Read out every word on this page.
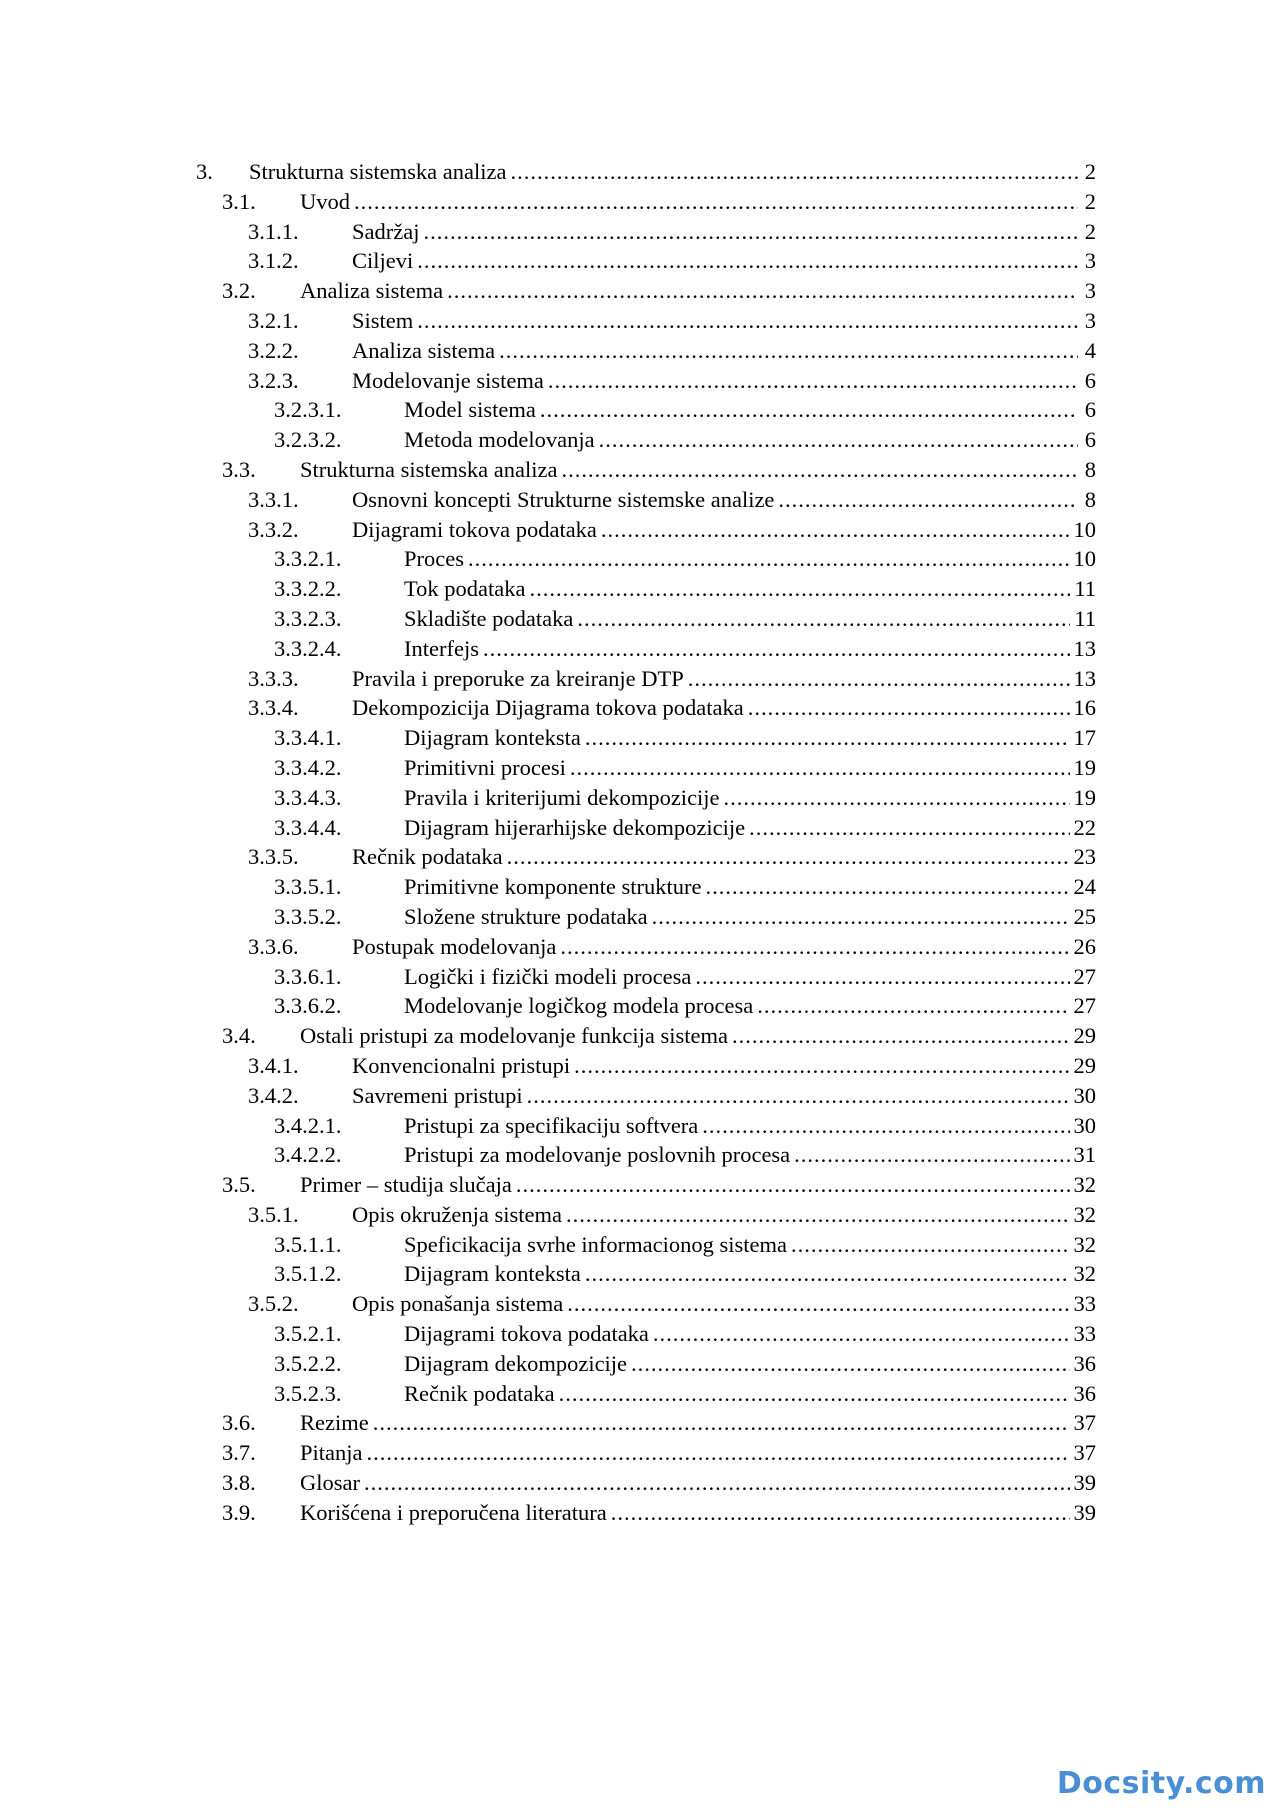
3.	Strukturna sistemska analiza .....	2
3.1.	Uvod .....	2
3.1.1.	Sadržaj .....	2
3.1.2.	Ciljevi .....	3
3.2.	Analiza sistema .....	3
3.2.1.	Sistem .....	3
3.2.2.	Analiza sistema .....	4
3.2.3.	Modelovanje sistema .....	6
3.2.3.1.	Model sistema .....	6
3.2.3.2.	Metoda modelovanja .....	6
3.3.	Strukturna sistemska analiza .....	8
3.3.1.	Osnovni koncepti Strukturne sistemske analize .....	8
3.3.2.	Dijagrami tokova podataka .....	10
3.3.2.1.	Proces .....	10
3.3.2.2.	Tok podataka .....	11
3.3.2.3.	Skladište podataka .....	11
3.3.2.4.	Interfejs .....	13
3.3.3.	Pravila i preporuke za kreiranje DTP .....	13
3.3.4.	Dekompozicija Dijagrama tokova podataka .....	16
3.3.4.1.	Dijagram konteksta .....	17
3.3.4.2.	Primitivni procesi .....	19
3.3.4.3.	Pravila i kriterijumi dekompozicije .....	19
3.3.4.4.	Dijagram hijerarhijske dekompozicije .....	22
3.3.5.	Rečnik podataka .....	23
3.3.5.1.	Primitivne komponente strukture .....	24
3.3.5.2.	Složene strukture podataka .....	25
3.3.6.	Postupak modelovanja .....	26
3.3.6.1.	Logički i fizički modeli procesa .....	27
3.3.6.2.	Modelovanje logičkog modela procesa .....	27
3.4.	Ostali pristupi za modelovanje funkcija sistema .....	29
3.4.1.	Konvencionalni pristupi .....	29
3.4.2.	Savremeni pristupi .....	30
3.4.2.1.	Pristupi za specifikaciju softvera .....	30
3.4.2.2.	Pristupi za modelovanje poslovnih procesa .....	31
3.5.	Primer – studija slučaja .....	32
3.5.1.	Opis okruženja sistema .....	32
3.5.1.1.	Speficikacija svrhe informacionog sistema .....	32
3.5.1.2.	Dijagram konteksta .....	32
3.5.2.	Opis ponašanja sistema .....	33
3.5.2.1.	Dijagrami tokova podataka .....	33
3.5.2.2.	Dijagram dekompozicije .....	36
3.5.2.3.	Rečnik podataka .....	36
3.6.	Rezime .....	37
3.7.	Pitanja .....	37
3.8.	Glosar .....	39
3.9.	Korišćena i preporučena literatura .....	39
Docsity.com
